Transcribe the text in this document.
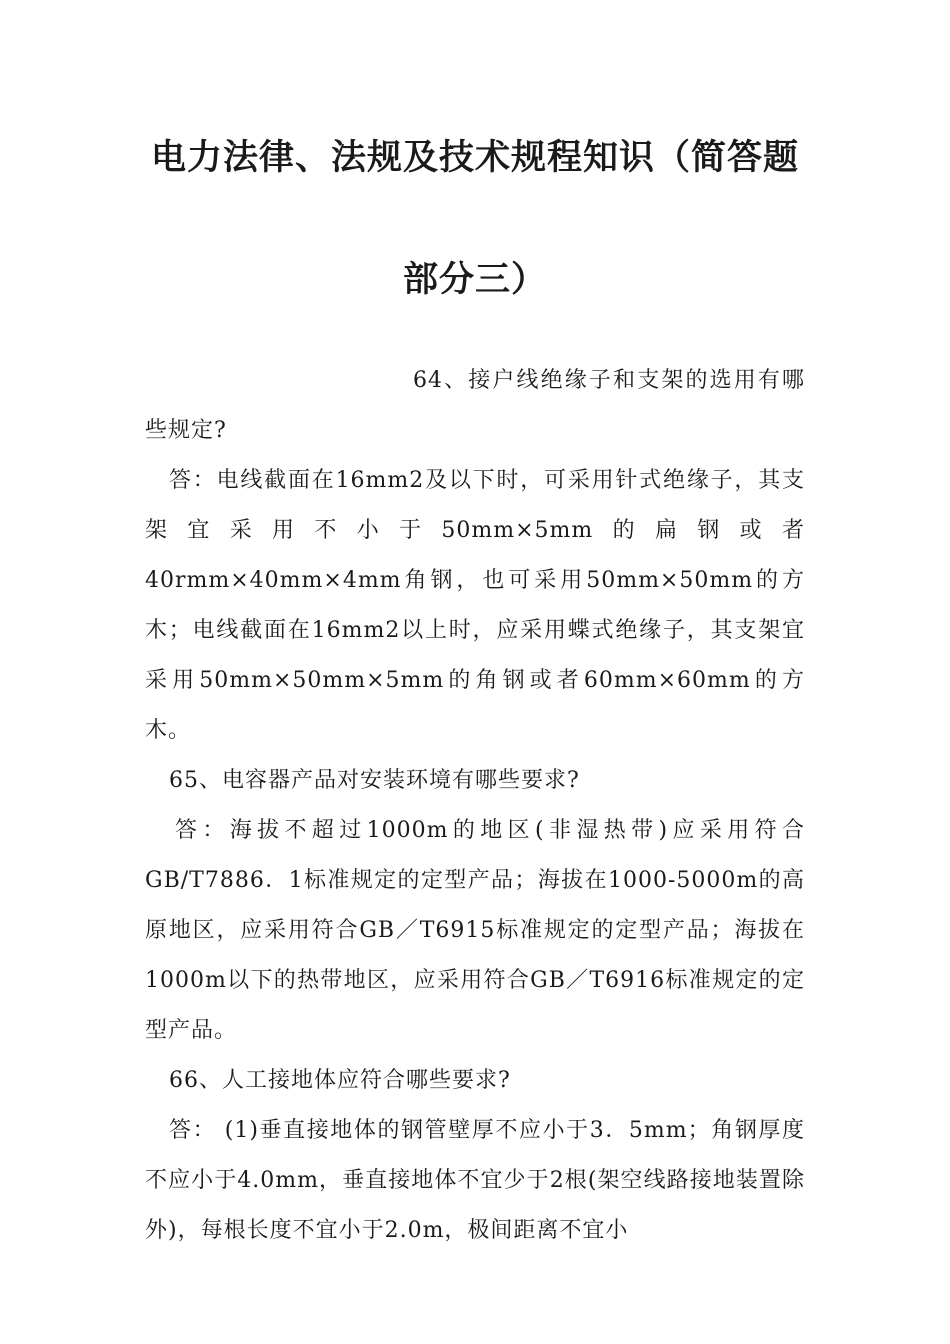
电力法律、法规及技术规程知识（简答题
部分三）

64、接户线绝缘子和支架的选用有哪些规定?

答：电线截面在16mm2及以下时，可采用针式绝缘子，其支架宜采用不小于50mm×5mm的扁钢或者40rmm×40mm×4mm角钢，也可采用50mm×50mm的方木；电线截面在16mm2以上时，应采用蝶式绝缘子，其支架宜采用50mm×50mm×5mm的角钢或者60mm×60mm的方木。

65、电容器产品对安装环境有哪些要求?

答：海拔不超过1000m的地区(非湿热带)应采用符合GB/T7886．1标准规定的定型产品；海拔在1000-5000m的高原地区，应采用符合GB／T6915标准规定的定型产品；海拔在1000m以下的热带地区，应采用符合GB／T6916标准规定的定型产品。

66、人工接地体应符合哪些要求?

答： (1)垂直接地体的钢管壁厚不应小于3．5mm；角钢厚度不应小于4.0mm，垂直接地体不宜少于2根(架空线路接地装置除外)，每根长度不宜小于2.0m，极间距离不宜小
